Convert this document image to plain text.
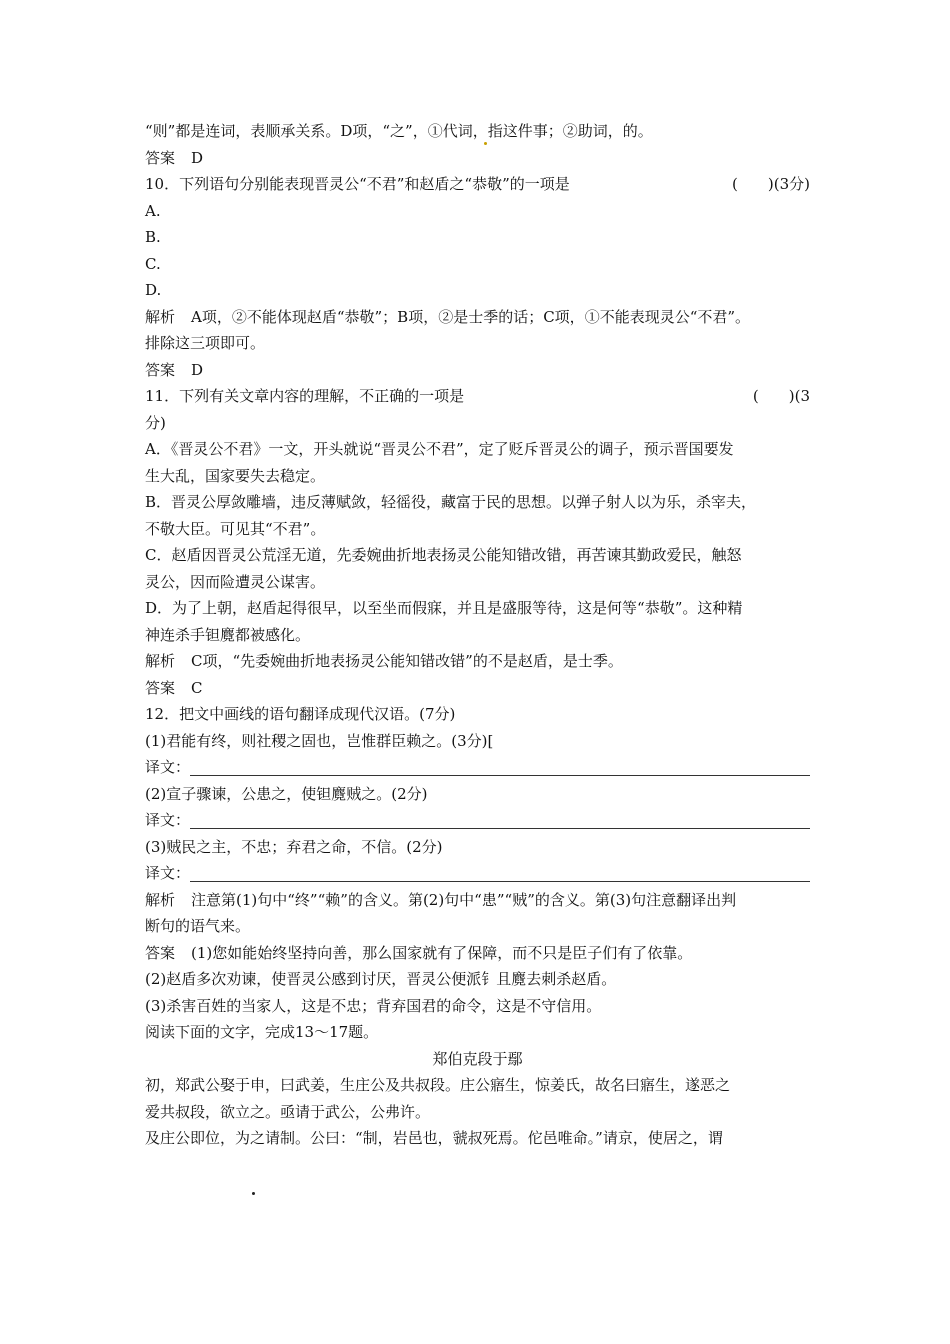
“则”都是连词，表顺承关系。D项，“之”，①代词，指这件事；②助词，的。
答案 D
10．下列语句分别能表现晋灵公“不君”和赵盾之“恭敬”的一项是	(　　)(3分)
A.
B.
C.
D.
解析 A项，②不能体现赵盾“恭敬”；B项，②是士季的话；C项，①不能表现灵公“不君”。
排除这三项即可。
答案 D
11．下列有关文章内容的理解，不正确的一项是	(　　)(3
分)
A．《晋灵公不君》一文，开头就说“晋灵公不君”，定了贬斥晋灵公的调子，预示晋国要发
生大乱，国家要失去稳定。
B．晋灵公厚敛雕墙，违反薄赋敛，轻徭役，藏富于民的思想。以弹子射人以为乐，杀宰夫，
不敬大臣。可见其“不君”。
C．赵盾因晋灵公荒淫无道，先委婉曲折地表扬灵公能知错改错，再苦谏其勤政爱民，触怒
灵公，因而险遭灵公谋害。
D．为了上朝，赵盾起得很早，以至坐而假寐，并且是盛服等待，这是何等“恭敬”。这种精
神连杀手钽麑都被感化。
解析 C项，“先委婉曲折地表扬灵公能知错改错”的不是赵盾，是士季。
答案 C
12．把文中画线的语句翻译成现代汉语。(7分)
(1)君能有终，则社稷之固也，岂惟群臣赖之。(3分)[
译文：
(2)宣子骤谏，公患之，使钽麑贼之。(2分)
译文：
(3)贼民之主，不忠；弃君之命，不信。(2分)
译文：
解析 注意第(1)句中“终”“赖”的含义。第(2)句中“患”“贼”的含义。第(3)句注意翻译出判
断句的语气来。
答案 (1)您如能始终坚持向善，那么国家就有了保障，而不只是臣子们有了依靠。
(2)赵盾多次劝谏，使晋灵公感到讨厌，晋灵公便派钅且麑去刺杀赵盾。
(3)杀害百姓的当家人，这是不忠；背弃国君的命令，这是不守信用。
阅读下面的文字，完成13～17题。
郑伯克段于鄢
初，郑武公娶于申，曰武姜，生庄公及共叔段。庄公寤生，惊姜氏，故名曰寤生，遂恶之
爱共叔段，欲立之。亟请于武公，公弗许。
及庄公即位，为之请制。公曰：“制，岩邑也，虢叔死焉。佗邑唯命。”请京，使居之，谓
